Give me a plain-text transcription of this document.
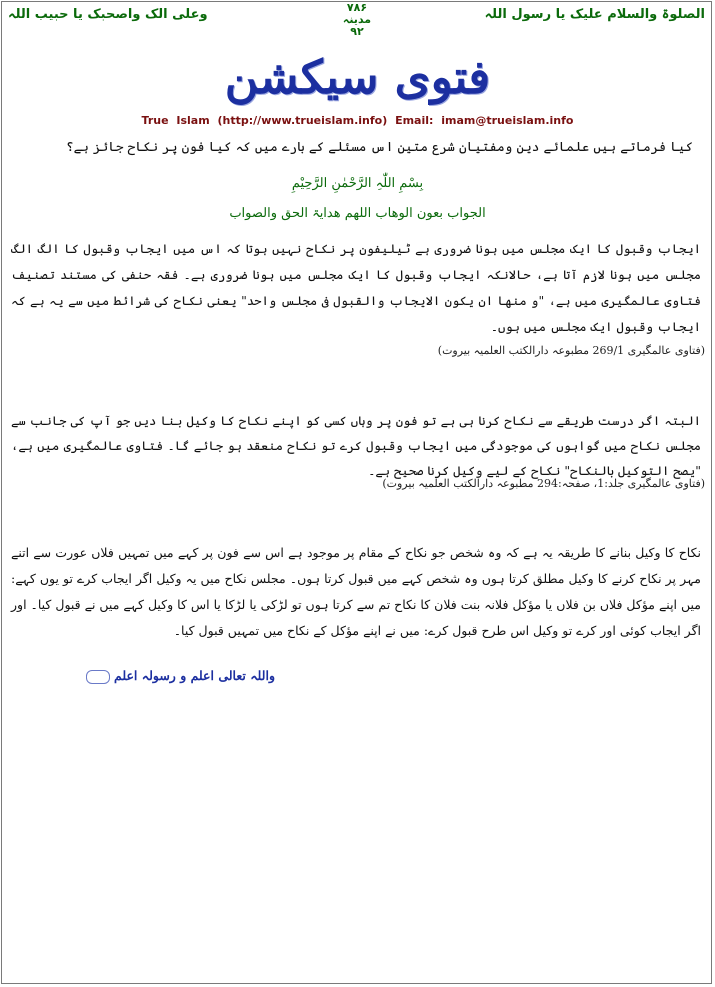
الصلوۃ والسلام علیک یا رسول اللہ
۷۸۶
مدینہ
۹۲
وعلی الک واصحبک یا حبیب اللہ
فتوی سیکشن
True Islam (http://www.trueislam.info) Email: imam@trueislam.info
کیا فرماتے ہیں علمائے دین ومفتیان شرع متین اس مسئلے کے بارے میں کہ کیا فون پر نکاح جائز ہے؟
بِسْمِ اللّٰہِ الرَّحْمٰنِ الرَّحِیْمِ
الجواب بعون الوھاب اللھم ھدایۃ الحق والصواب
ایجاب وقبول کا ایک مجلس میں ہونا ضروری ہے ٹیلیفون پر نکاح نہیں ہوتا کہ اس میں ایجاب وقبول کا الگ الگ مجلس میں ہونا لازم آتا ہے، حالانکہ ایجاب وقبول کا ایک مجلس میں ہونا ضروری ہے۔ فقہ حنفی کی مستند تصنیف فتاوی عالمگیری میں ہے، "و منها ان یکون الایجاب والقبول فی مجلس واحد" یعنی نکاح کی شرائط میں سے یہ ہے کہ ایجاب وقبول ایک مجلس میں ہوں۔
(فتاوی عالمگیری 269/1 مطبوعہ دارالکتب العلمیہ بیروت)
البتہ اگر درست طریقے سے نکاح کرنا ہی ہے تو فون پر وہاں کسی کو اپنے نکاح کا وکیل بنا دیں جو آپ کی جانب سے مجلس نکاح میں گواہوں کی موجودگی میں ایجاب وقبول کرے تو نکاح منعقد ہو جائے گا۔ فتاوی عالمگیری میں ہے، "یصح التوکیل بالنکاح" نکاح کے لیے وکیل کرنا صحیح ہے۔
(فتاوی عالمگیری جلد:1، صفحہ:294 مطبوعہ دارالکتب العلمیہ بیروت)
نکاح کا وکیل بنانے کا طریقہ یہ ہے کہ وہ شخص جو نکاح کے مقام پر موجود ہے اس سے فون پر کہے میں تمہیں فلاں عورت سے اتنے مہر پر نکاح کرنے کا وکیل مطلق کرتا ہوں وہ شخص کہے میں قبول کرتا ہوں۔ مجلس نکاح میں یہ وکیل اگر ایجاب کرے تو یوں کہے: میں اپنے مؤکل فلاں بن فلاں یا مؤکل فلانہ بنت فلان کا نکاح تم سے کرتا ہوں تو لڑکی یا لڑکا یا اس کا وکیل کہے میں نے قبول کیا۔ اور اگر ایجاب کوئی اور کرے تو وکیل اس طرح قبول کرے: میں نے اپنے مؤکل کے نکاح میں تمہیں قبول کیا۔
واللہ تعالی اعلم و رسولہ اعلم
